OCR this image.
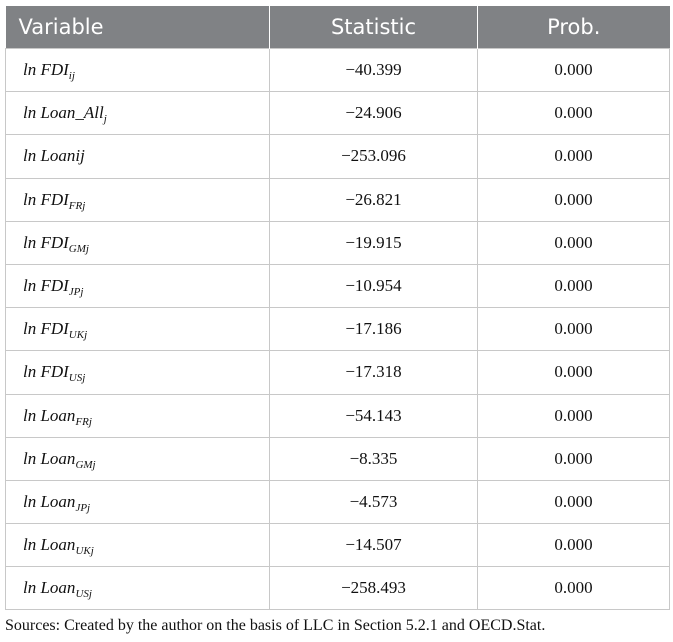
Variable	Statistic	Prob.
$\ln FDI_{ij}$	−40.399	0.000
ln Loan_All$_j$	−24.906	0.000
ln Loanij	−253.096	0.000
$\ln FDI_{FRj}$	−26.821	0.000
$\ln FDI_{GMj}$	−19.915	0.000
$\ln FDI_{JPj}$	−10.954	0.000
$\ln FDI_{UKj}$	−17.186	0.000
$\ln FDI_{USj}$	−17.318	0.000
ln Loan$_{FRj}$	−54.143	0.000
ln Loan$_{GMj}$	−8.335	0.000
ln Loan$_{JPj}$	−4.573	0.000
ln Loan$_{UKj}$	−14.507	0.000
ln Loan$_{USj}$	−258.493	0.000
Sources: Created by the author on the basis of LLC in Section 5.2.1 and OECD.Stat.
